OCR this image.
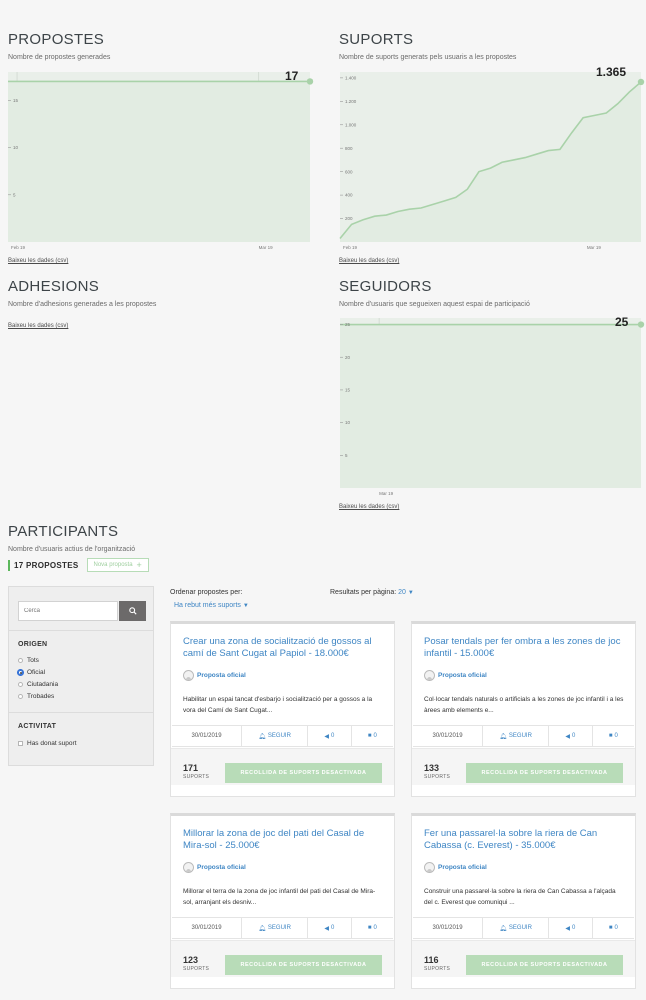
PROPOSTES
Nombre de propostes generades
5
10
15
Feb 19	Mar 19
17
Baixeu les dades (csv)
SUPORTS
Nombre de suports generats pels usuaris a les propostes
200
400
600
800
1.000
1.200
1.400
Feb 19	Mar 19
1.365
Baixeu les dades (csv)
ADHESIONS
Nombre d'adhesions generades a les propostes
Baixeu les dades (csv)
SEGUIDORS
Nombre d'usuaris que segueixen aquest espai de participació
5
10
15
20
25
Mar 19
25
Baixeu les dades (csv)
PARTICIPANTS
Nombre d'usuaris actius de l'organització
17 PROPOSTES	Nova proposta +
Cerca
ORIGEN
Tots
Oficial
Ciutadania
Trobades
ACTIVITAT
Has donat suport
Ordenar propostes per:
Ha rebut més suports ▼
Resultats per pàgina: 20 ▼
Crear una zona de socialització de gossos al camí de Sant Cugat al Papiol - 18.000€
Proposta oficial
Habilitar un espai tancat d'esbarjo i socialització per a gossos a la vora del Camí de Sant Cugat...
30/01/2019	🔔︎ SEGUIR	◀ 0	■ 0
171
SUPORTS
RECOLLIDA DE SUPORTS DESACTIVADA
Posar tendals per fer ombra a les zones de joc infantil - 15.000€
Proposta oficial
Col·locar tendals naturals o artificials a les zones de joc infantil i a les àrees amb elements e...
30/01/2019	🔔︎ SEGUIR	◀ 0	■ 0
133
SUPORTS
RECOLLIDA DE SUPORTS DESACTIVADA
Millorar la zona de joc del pati del Casal de Mira-sol - 25.000€
Proposta oficial
Millorar el terra de la zona de joc infantil del pati del Casal de Mira-sol, arranjant els desniv...
30/01/2019	🔔︎ SEGUIR	◀ 0	■ 0
123
SUPORTS
RECOLLIDA DE SUPORTS DESACTIVADA
Fer una passarel·la sobre la riera de Can Cabassa (c. Everest) - 35.000€
Proposta oficial
Construir una passarel·la sobre la riera de Can Cabassa a l'alçada del c. Everest que comuniqui ...
30/01/2019	🔔︎ SEGUIR	◀ 0	■ 0
116
SUPORTS
RECOLLIDA DE SUPORTS DESACTIVADA
